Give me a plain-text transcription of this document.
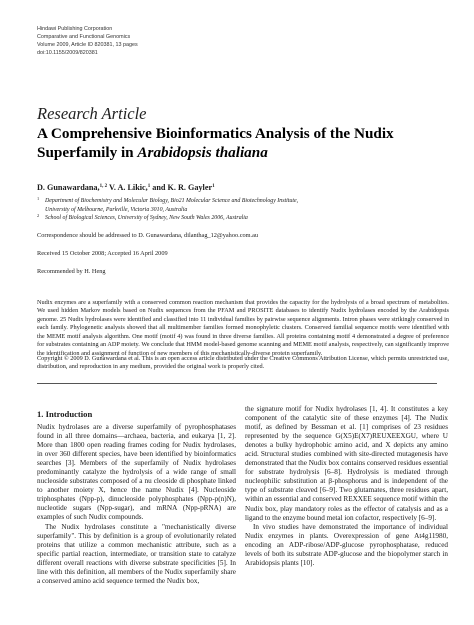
Hindawi Publishing Corporation
Comparative and Functional Genomics
Volume 2009, Article ID 820381, 13 pages
doi:10.1155/2009/820381
Research Article
A Comprehensive Bioinformatics Analysis of the Nudix
Superfamily in Arabidopsis thaliana
D. Gunawardana,$^{1, 2}$ V. A. Likic,$^1$ and K. R. Gayler$^1$
1 Department of Biochemistry and Molecular Biology, Bio21 Molecular Science and Biotechnology Institute,
University of Melbourne, Parkville, Victoria 3010, Australia
2 School of Biological Sciences, University of Sydney, New South Wales 2006, Australia
Correspondence should be addressed to D. Gunawardana, dilanthag_12@yahoo.com.au
Received 15 October 2008; Accepted 16 April 2009
Recommended by H. Heng
Nudix enzymes are a superfamily with a conserved common reaction mechanism that provides the capacity for the hydrolysis of a broad spectrum of metabolites. We used hidden Markov models based on Nudix sequences from the PFAM and PROSITE databases to identify Nudix hydrolases encoded by the Arabidopsis genome. 25 Nudix hydrolases were identified and classified into 11 individual families by pairwise sequence alignments. Intron phases were strikingly conserved in each family. Phylogenetic analysis showed that all multimember families formed monophyletic clusters. Conserved familial sequence motifs were identified with the MEME motif analysis algorithm. One motif (motif 4) was found in three diverse families. All proteins containing motif 4 demonstrated a degree of preference for substrates containing an ADP moiety. We conclude that HMM model-based genome scanning and MEME motif analysis, respectively, can significantly improve the identification and assignment of function of new members of this mechanistically-diverse protein superfamily.
Copyright © 2009 D. Gunawardana et al. This is an open access article distributed under the Creative Commons Attribution License, which permits unrestricted use, distribution, and reproduction in any medium, provided the original work is properly cited.
1. Introduction

Nudix hydrolases are a diverse superfamily of pyrophosphatases found in all three domains—archaea, bacteria, and eukarya [1, 2]. More than 1800 open reading frames coding for Nudix hydrolases, in over 360 different species, have been identified by bioinformatics searches [3]. Members of the superfamily of Nudix hydrolases predominantly catalyze the hydrolysis of a wide range of small nucleoside substrates composed of a nu cleoside di phosphate linked to another moiety X, hence the name Nudix [4]. Nucleoside triphosphates (Npp-p), dinucleoside polyphosphates (Npp-p(n)N), nucleotide sugars (Npp-sugar), and mRNA (Npp-pRNA) are examples of such Nudix compounds.

The Nudix hydrolases constitute a "mechanistically diverse superfamily". This by definition is a group of evolutionarily related proteins that utilize a common mechanistic attribute, such as a specific partial reaction, intermediate, or transition state to catalyze different overall reactions with diverse substrate specificities [5]. In line with this definition, all members of the Nudix superfamily share a conserved amino acid sequence termed the Nudix box,

the signature motif for Nudix hydrolases [1, 4]. It constitutes a key component of the catalytic site of these enzymes [4]. The Nudix motif, as defined by Bessman et al. [1] comprises of 23 residues represented by the sequence G(X5)E(X7)REUXEEXGU, where U denotes a bulky hydrophobic amino acid, and X depicts any amino acid. Structural studies combined with site-directed mutagenesis have demonstrated that the Nudix box contains conserved residues essential for substrate hydrolysis [6–8]. Hydrolysis is mediated through nucleophilic substitution at β-phosphorus and is independent of the type of substrate cleaved [6–9]. Two glutamates, three residues apart, within an essential and conserved REXXEE sequence motif within the Nudix box, play mandatory roles as the effector of catalysis and as a ligand to the enzyme bound metal ion cofactor, respectively [6–9].

In vivo studies have demonstrated the importance of individual Nudix enzymes in plants. Overexpression of gene At4g11980, encoding an ADP-ribose/ADP-glucose pyrophosphatase, reduced levels of both its substrate ADP-glucose and the biopolymer starch in Arabidopsis plants [10].
